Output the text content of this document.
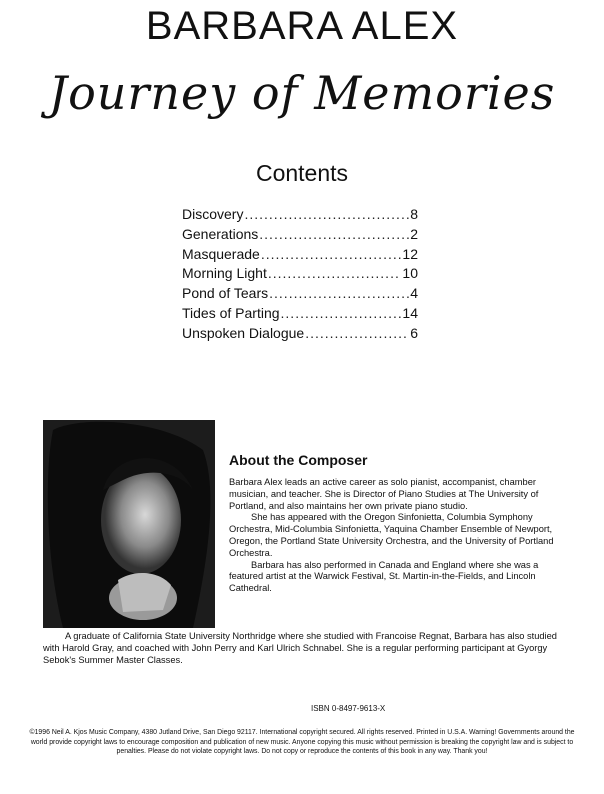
BARBARA ALEX
Journey of Memories
Contents
Discovery .....	8
Generations .....	2
Masquerade .....	12
Morning Light .....	10
Pond of Tears .....	4
Tides of Parting .....	14
Unspoken Dialogue .....	6
About the Composer

Barbara Alex leads an active career as solo pianist, accompanist, chamber musician, and teacher. She is Director of Piano Studies at The University of Portland, and also maintains her own private piano studio.

She has appeared with the Oregon Sinfonietta, Columbia Symphony Orchestra, Mid-Columbia Sinfonietta, Yaquina Chamber Ensemble of Newport, Oregon, the Portland State University Orchestra, and the University of Portland Orchestra.

Barbara has also performed in Canada and England where she was a featured artist at the Warwick Festival, St. Martin-in-the-Fields, and Lincoln Cathedral.

A graduate of California State University Northridge where she studied with Francoise Regnat, Barbara has also studied with Harold Gray, and coached with John Perry and Karl Ulrich Schnabel. She is a regular performing participant at Gyorgy Sebok's Summer Master Classes.

ISBN 0-8497-9613-X
©1996 Neil A. Kjos Music Company, 4380 Jutland Drive, San Diego 92117. International copyright secured. All rights reserved. Printed in U.S.A. Warning! Governments around the world provide copyright laws to encourage composition and publication of new music. Anyone copying this music without permission is breaking the copyright law and is subject to penalties. Please do not violate copyright laws. Do not copy or reproduce the contents of this book in any way. Thank you!
